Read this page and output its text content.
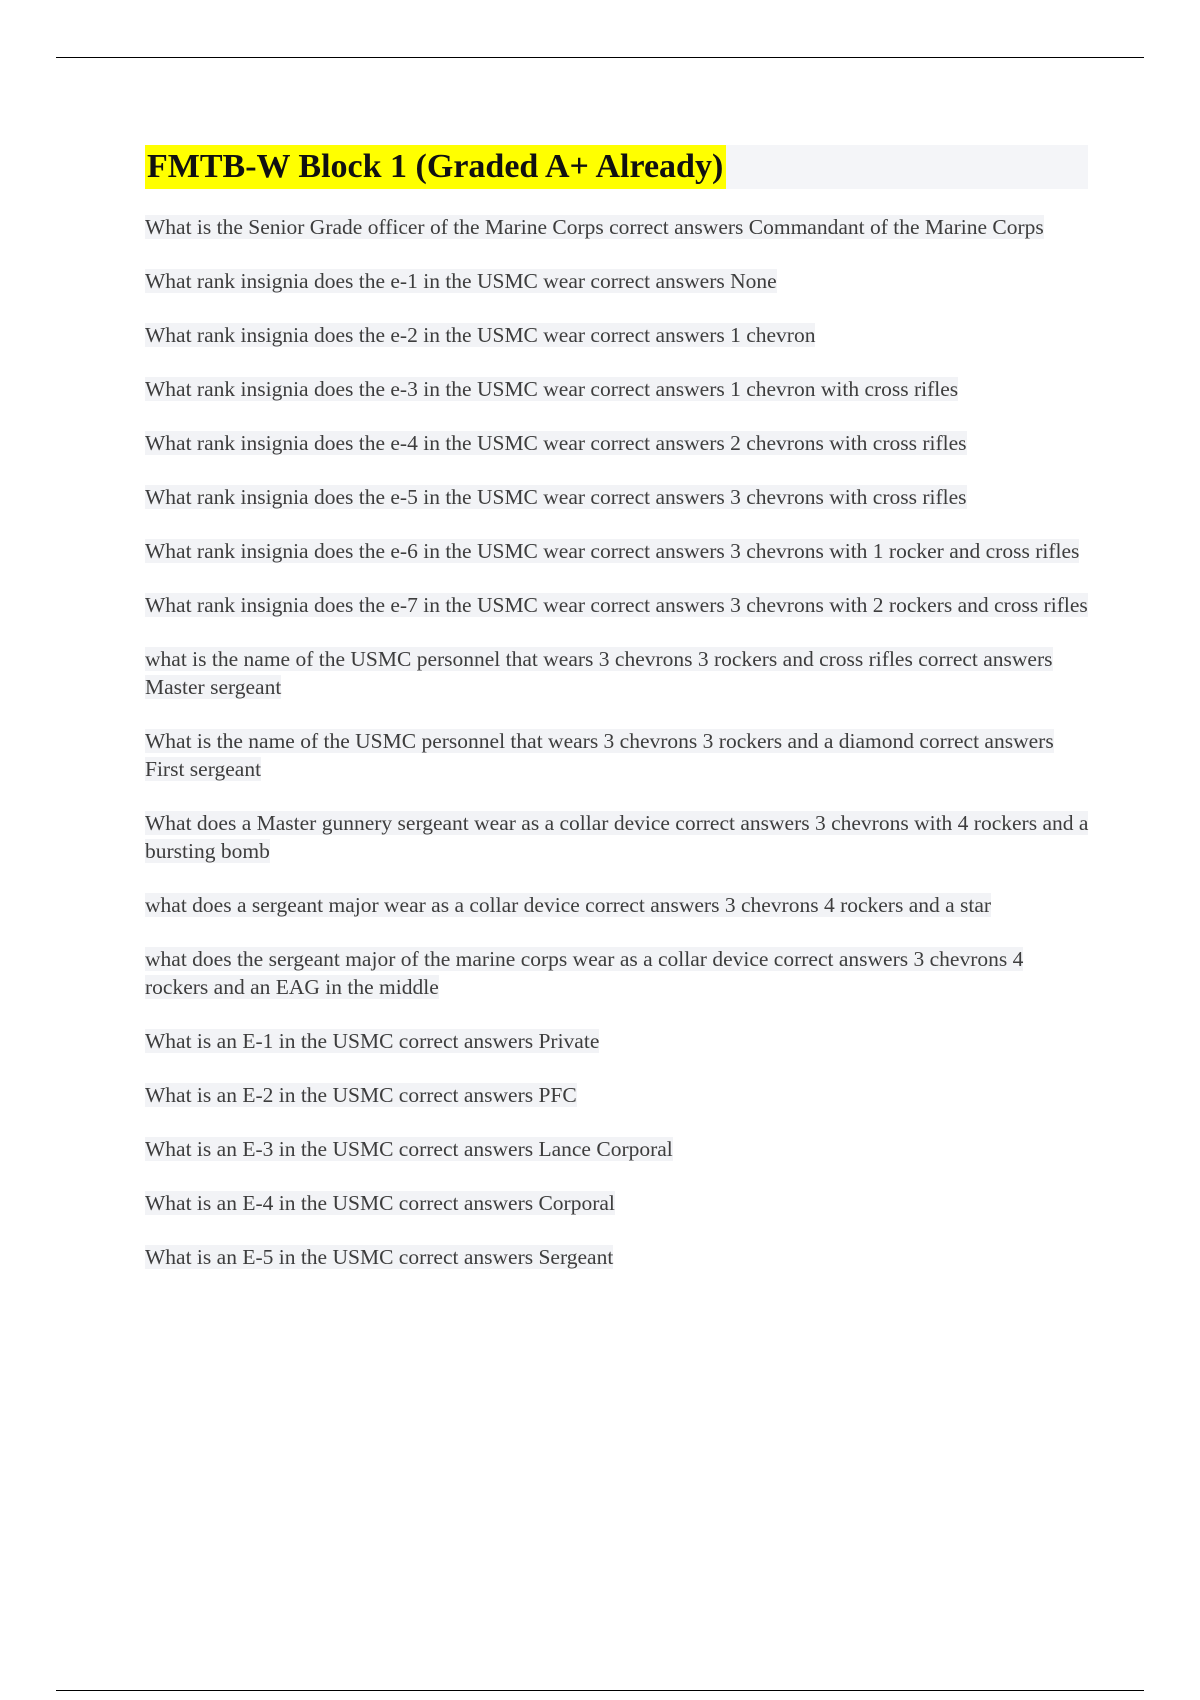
FMTB-W Block 1 (Graded A+ Already)
What is the Senior Grade officer of the Marine Corps correct answers Commandant of the Marine Corps
What rank insignia does the e-1 in the USMC wear correct answers None
What rank insignia does the e-2 in the USMC wear correct answers 1 chevron
What rank insignia does the e-3 in the USMC wear correct answers 1 chevron with cross rifles
What rank insignia does the e-4 in the USMC wear correct answers 2 chevrons with cross rifles
What rank insignia does the e-5 in the USMC wear correct answers 3 chevrons with cross rifles
What rank insignia does the e-6 in the USMC wear correct answers 3 chevrons with 1 rocker and cross rifles
What rank insignia does the e-7 in the USMC wear correct answers 3 chevrons with 2 rockers and cross rifles
what is the name of the USMC personnel that wears 3 chevrons 3 rockers and cross rifles correct answers Master sergeant
What is the name of the USMC personnel that wears 3 chevrons 3 rockers and a diamond correct answers First sergeant
What does a Master gunnery sergeant wear as a collar device correct answers 3 chevrons with 4 rockers and a bursting bomb
what does a sergeant major wear as a collar device correct answers 3 chevrons 4 rockers and a star
what does the sergeant major of the marine corps wear as a collar device correct answers 3 chevrons 4 rockers and an EAG in the middle
What is an E-1 in the USMC correct answers Private
What is an E-2 in the USMC correct answers PFC
What is an E-3 in the USMC correct answers Lance Corporal
What is an E-4 in the USMC correct answers Corporal
What is an E-5 in the USMC correct answers Sergeant
